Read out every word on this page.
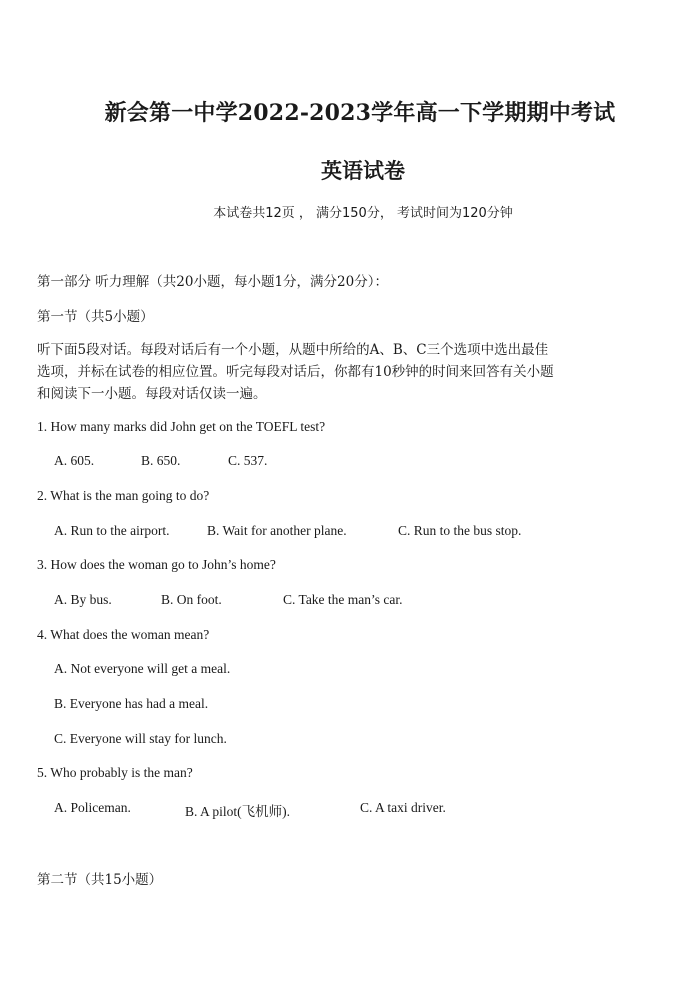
新会第一中学2022-2023学年高一下学期期中考试
英语试卷
本试卷共12页 ， 满分150分， 考试时间为120分钟
第一部分 听力理解（共20小题，每小题1分，满分20分）：
第一节（共5小题）
听下面5段对话。每段对话后有一个小题，从题中所给的A、B、C三个选项中选出最佳
选项，并标在试卷的相应位置。听完每段对话后，你都有10秒钟的时间来回答有关小题
和阅读下一小题。每段对话仅读一遍。
1. How many marks did John get on the TOEFL test?
A. 605.	B. 650.	C. 537.
2. What is the man going to do?
A. Run to the airport.	B. Wait for another plane.	C. Run to the bus stop.
3. How does the woman go to John’s home?
A. By bus.	B. On foot.	C. Take the man’s car.
4. What does the woman mean?
A. Not everyone will get a meal.
B. Everyone has had a meal.
C. Everyone will stay for lunch.
5. Who probably is the man?
A. Policeman.	B. A pilot(飞机师).	C. A taxi driver.
第二节（共15小题）
